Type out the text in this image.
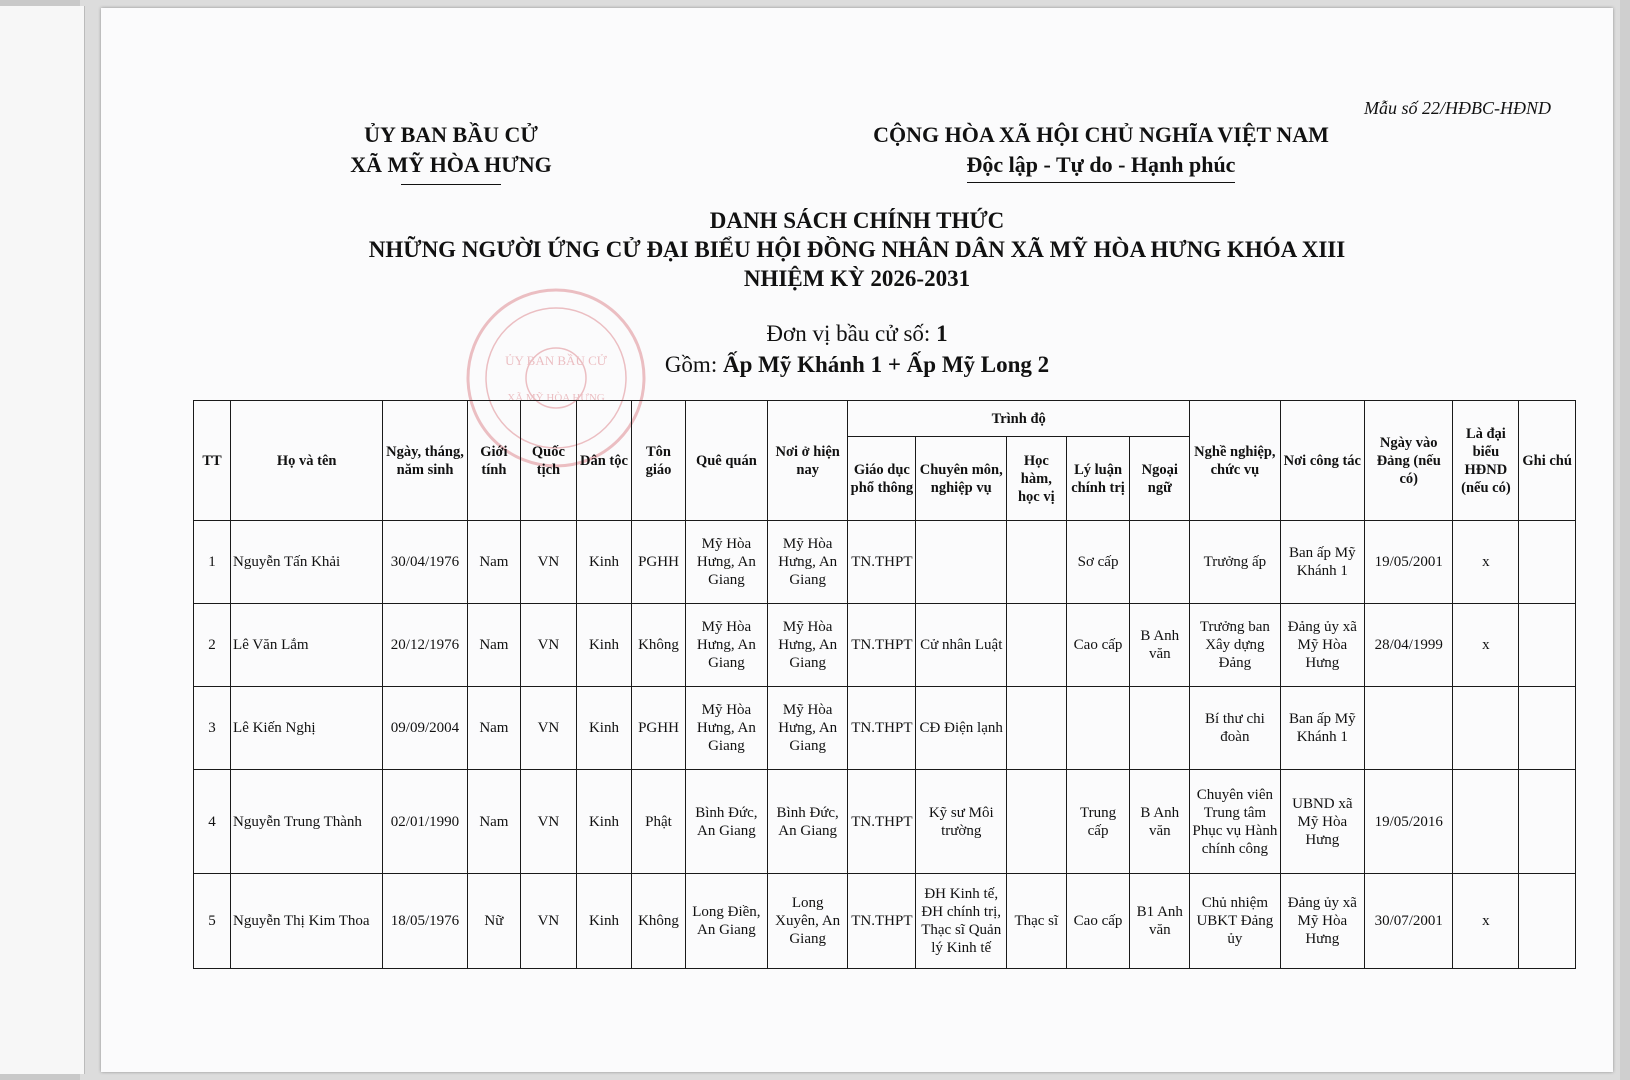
ỦY BAN BẦU CỬ
XÃ MỸ HÒA HƯNG
Mẫu số 22/HĐBC-HĐND
ỦY BAN BẦU CỬ
XÃ MỸ HÒA HƯNG
CỘNG HÒA XÃ HỘI CHỦ NGHĨA VIỆT NAM
Độc lập - Tự do - Hạnh phúc
DANH SÁCH CHÍNH THỨC
NHỮNG NGƯỜI ỨNG CỬ ĐẠI BIỂU HỘI ĐỒNG NHÂN DÂN XÃ MỸ HÒA HƯNG KHÓA XIII
NHIỆM KỲ 2026-2031
Đơn vị bầu cử số: 1
Gồm: Ấp Mỹ Khánh 1 + Ấp Mỹ Long 2
TT	Họ và tên	Ngày, tháng, năm sinh	Giới tính	Quốc tịch	Dân tộc	Tôn giáo	Quê quán	Nơi ở hiện nay	Trình độ					Nghề nghiệp, chức vụ	Nơi công tác	Ngày vào Đảng (nếu có)	Là đại biểu HĐND (nếu có)	Ghi chú
									Giáo dục phổ thông	Chuyên môn, nghiệp vụ	Học hàm, học vị	Lý luận chính trị	Ngoại ngữ					
1	Nguyễn Tấn Khải	30/04/1976	Nam	VN	Kinh	PGHH	Mỹ Hòa Hưng, An Giang	Mỹ Hòa Hưng, An Giang	TN.THPT			Sơ cấp		Trưởng ấp	Ban ấp Mỹ Khánh 1	19/05/2001	x	
2	Lê Văn Lắm	20/12/1976	Nam	VN	Kinh	Không	Mỹ Hòa Hưng, An Giang	Mỹ Hòa Hưng, An Giang	TN.THPT	Cử nhân Luật		Cao cấp	B Anh văn	Trưởng ban Xây dựng Đảng	Đảng ủy xã Mỹ Hòa Hưng	28/04/1999	x	
3	Lê Kiến Nghị	09/09/2004	Nam	VN	Kinh	PGHH	Mỹ Hòa Hưng, An Giang	Mỹ Hòa Hưng, An Giang	TN.THPT	CĐ Điện lạnh				Bí thư chi đoàn	Ban ấp Mỹ Khánh 1			
4	Nguyễn Trung Thành	02/01/1990	Nam	VN	Kinh	Phật	Bình Đức, An Giang	Bình Đức, An Giang	TN.THPT	Kỹ sư Môi trường		Trung cấp	B Anh văn	Chuyên viên Trung tâm Phục vụ Hành chính công	UBND xã Mỹ Hòa Hưng	19/05/2016		
5	Nguyễn Thị Kim Thoa	18/05/1976	Nữ	VN	Kinh	Không	Long Điền, An Giang	Long Xuyên, An Giang	TN.THPT	ĐH Kinh tế, ĐH chính trị, Thạc sĩ Quản lý Kinh tế	Thạc sĩ	Cao cấp	B1 Anh văn	Chủ nhiệm UBKT Đảng ủy	Đảng ủy xã Mỹ Hòa Hưng	30/07/2001	x	
